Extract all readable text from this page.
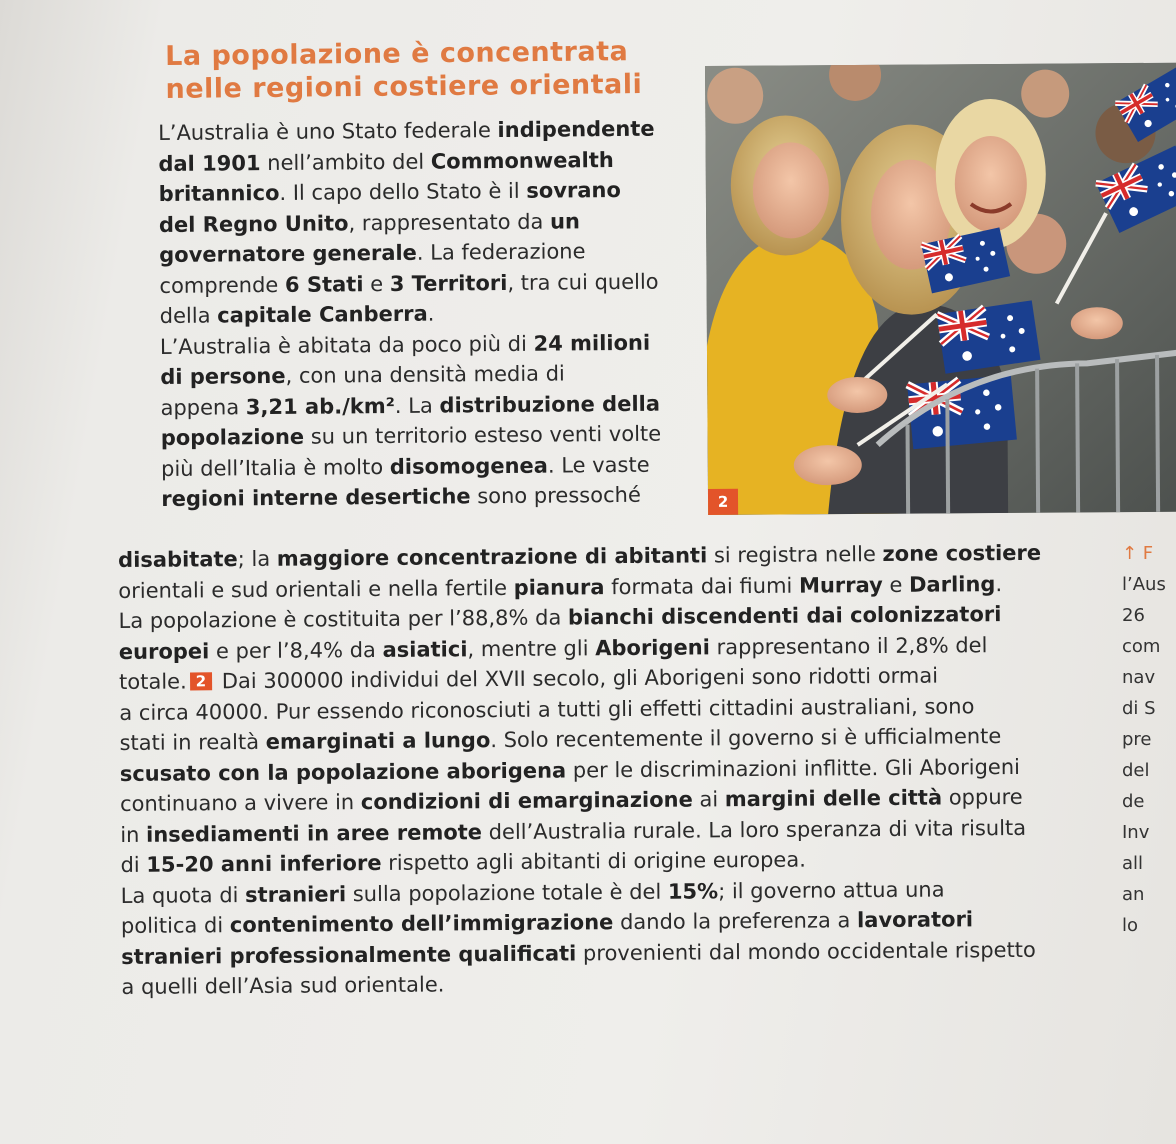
La popolazione è concentrata
nelle regioni costiere orientali
L’Australia è uno Stato federale indipendente
dal 1901 nell’ambito del Commonwealth
britannico. Il capo dello Stato è il sovrano
del Regno Unito, rappresentato da un
governatore generale. La federazione
comprende 6 Stati e 3 Territori, tra cui quello
della capitale Canberra.
L’Australia è abitata da poco più di 24 milioni
di persone, con una densità media di
appena 3,21 ab./km². La distribuzione della
popolazione su un territorio esteso venti volte
più dell’Italia è molto disomogenea. Le vaste
regioni interne desertiche sono pressoché	2
disabitate; la maggiore concentrazione di abitanti si registra nelle zone costiere
orientali e sud orientali e nella fertile pianura formata dai fiumi Murray e Darling.
La popolazione è costituita per l’88,8% da bianchi discendenti dai colonizzatori
europei e per l’8,4% da asiatici, mentre gli Aborigeni rappresentano il 2,8% del
totale. 2 Dai 300000 individui del XVII secolo, gli Aborigeni sono ridotti ormai
a circa 40000. Pur essendo riconosciuti a tutti gli effetti cittadini australiani, sono
stati in realtà emarginati a lungo. Solo recentemente il governo si è ufficialmente
scusato con la popolazione aborigena per le discriminazioni inflitte. Gli Aborigeni
continuano a vivere in condizioni di emarginazione ai margini delle città oppure
in insediamenti in aree remote dell’Australia rurale. La loro speranza di vita risulta
di 15-20 anni inferiore rispetto agli abitanti di origine europea.
La quota di stranieri sulla popolazione totale è del 15%; il governo attua una
politica di contenimento dell’immigrazione dando la preferenza a lavoratori
stranieri professionalmente qualificati provenienti dal mondo occidentale rispetto
a quelli dell’Asia sud orientale.
↑ F
l’Aus
26
com
nav
di S
pre
del
de
Inv
all
an
lo
